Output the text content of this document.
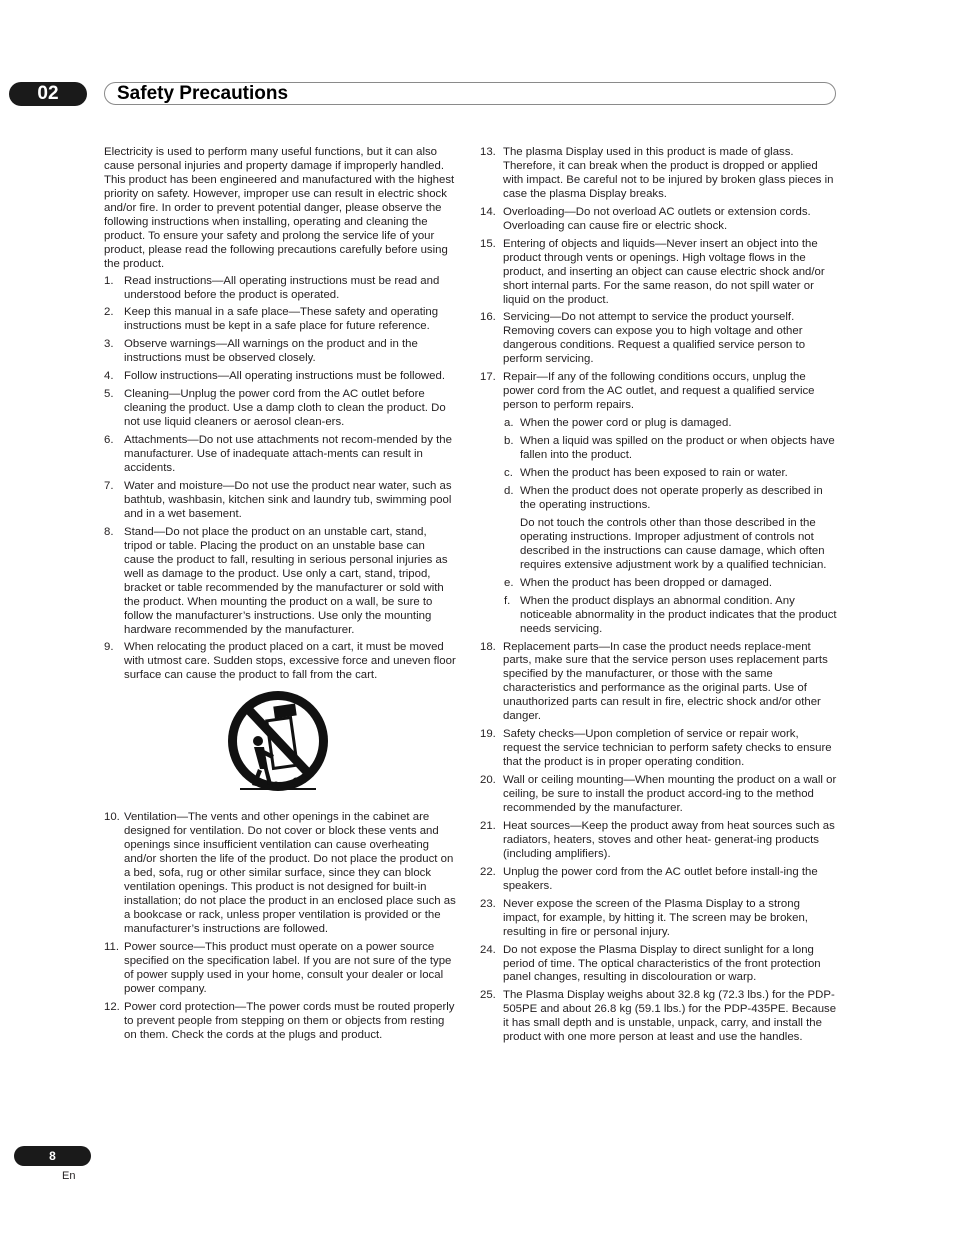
02	Safety Precautions

Electricity is used to perform many useful functions, but it can also cause personal injuries and property damage if improperly handled. This product has been engineered and manufactured with the highest priority on safety. However, improper use can result in electric shock and/or fire. In order to prevent potential danger, please observe the following instructions when installing, operating and cleaning the product. To ensure your safety and prolong the service life of your product, please read the following precautions carefully before using the product.

1. Read instructions—All operating instructions must be read and understood before the product is operated.
2. Keep this manual in a safe place—These safety and operating instructions must be kept in a safe place for future reference.
3. Observe warnings—All warnings on the product and in the instructions must be observed closely.
4. Follow instructions—All operating instructions must be followed.
5. Cleaning—Unplug the power cord from the AC outlet before cleaning the product. Use a damp cloth to clean the product. Do not use liquid cleaners or aerosol clean-ers.
6. Attachments—Do not use attachments not recom-mended by the manufacturer. Use of inadequate attach-ments can result in accidents.
7. Water and moisture—Do not use the product near water, such as bathtub, washbasin, kitchen sink and laundry tub, swimming pool and in a wet basement.
8. Stand—Do not place the product on an unstable cart, stand, tripod or table. Placing the product on an unstable base can cause the product to fall, resulting in serious personal injuries as well as damage to the product. Use only a cart, stand, tripod, bracket or table recommended by the manufacturer or sold with the product. When mounting the product on a wall, be sure to follow the manufacturer’s instructions. Use only the mounting hardware recommended by the manufacturer.
9. When relocating the product placed on a cart, it must be moved with utmost care. Sudden stops, excessive force and uneven floor surface can cause the product to fall from the cart.
10. Ventilation—The vents and other openings in the cabinet are designed for ventilation. Do not cover or block these vents and openings since insufficient ventilation can cause overheating and/or shorten the life of the product. Do not place the product on a bed, sofa, rug or other similar surface, since they can block ventilation openings. This product is not designed for built-in installation; do not place the product in an enclosed place such as a bookcase or rack, unless proper ventilation is provided or the manufacturer’s instructions are followed.
11. Power source—This product must operate on a power source specified on the specification label. If you are not sure of the type of power supply used in your home, consult your dealer or local power company.
12. Power cord protection—The power cords must be routed properly to prevent people from stepping on them or objects from resting on them. Check the cords at the plugs and product.
13. The plasma Display used in this product is made of glass. Therefore, it can break when the product is dropped or applied with impact. Be careful not to be injured by broken glass pieces in case the plasma Display breaks.
14. Overloading—Do not overload AC outlets or extension cords. Overloading can cause fire or electric shock.
15. Entering of objects and liquids—Never insert an object into the product through vents or openings. High voltage flows in the product, and inserting an object can cause electric shock and/or short internal parts. For the same reason, do not spill water or liquid on the product.
16. Servicing—Do not attempt to service the product yourself. Removing covers can expose you to high voltage and other dangerous conditions. Request a qualified service person to perform servicing.
17. Repair—If any of the following conditions occurs, unplug the power cord from the AC outlet, and request a qualified service person to perform repairs.
a. When the power cord or plug is damaged.
b. When a liquid was spilled on the product or when objects have fallen into the product.
c. When the product has been exposed to rain or water.
d. When the product does not operate properly as described in the operating instructions.
Do not touch the controls other than those described in the operating instructions. Improper adjustment of controls not described in the instructions can cause damage, which often requires extensive adjustment work by a qualified technician.
e. When the product has been dropped or damaged.
f. When the product displays an abnormal condition. Any noticeable abnormality in the product indicates that the product needs servicing.
18. Replacement parts—In case the product needs replace-ment parts, make sure that the service person uses replacement parts specified by the manufacturer, or those with the same characteristics and performance as the original parts. Use of unauthorized parts can result in fire, electric shock and/or other danger.
19. Safety checks—Upon completion of service or repair work, request the service technician to perform safety checks to ensure that the product is in proper operating condition.
20. Wall or ceiling mounting—When mounting the product on a wall or ceiling, be sure to install the product accord-ing to the method recommended by the manufacturer.
21. Heat sources—Keep the product away from heat sources such as radiators, heaters, stoves and other heat- generat-ing products (including amplifiers).
22. Unplug the power cord from the AC outlet before install-ing the speakers.
23. Never expose the screen of the Plasma Display to a strong impact, for example, by hitting it. The screen may be broken, resulting in fire or personal injury.
24. Do not expose the Plasma Display to direct sunlight for a long period of time. The optical characteristics of the front protection panel changes, resulting in discolouration or warp.
25. The Plasma Display weighs about 32.8 kg (72.3 lbs.) for the PDP-505PE and about 26.8 kg (59.1 lbs.) for the PDP-435PE. Because it has small depth and is unstable, unpack, carry, and install the product with one more person at least and use the handles.
8
En
